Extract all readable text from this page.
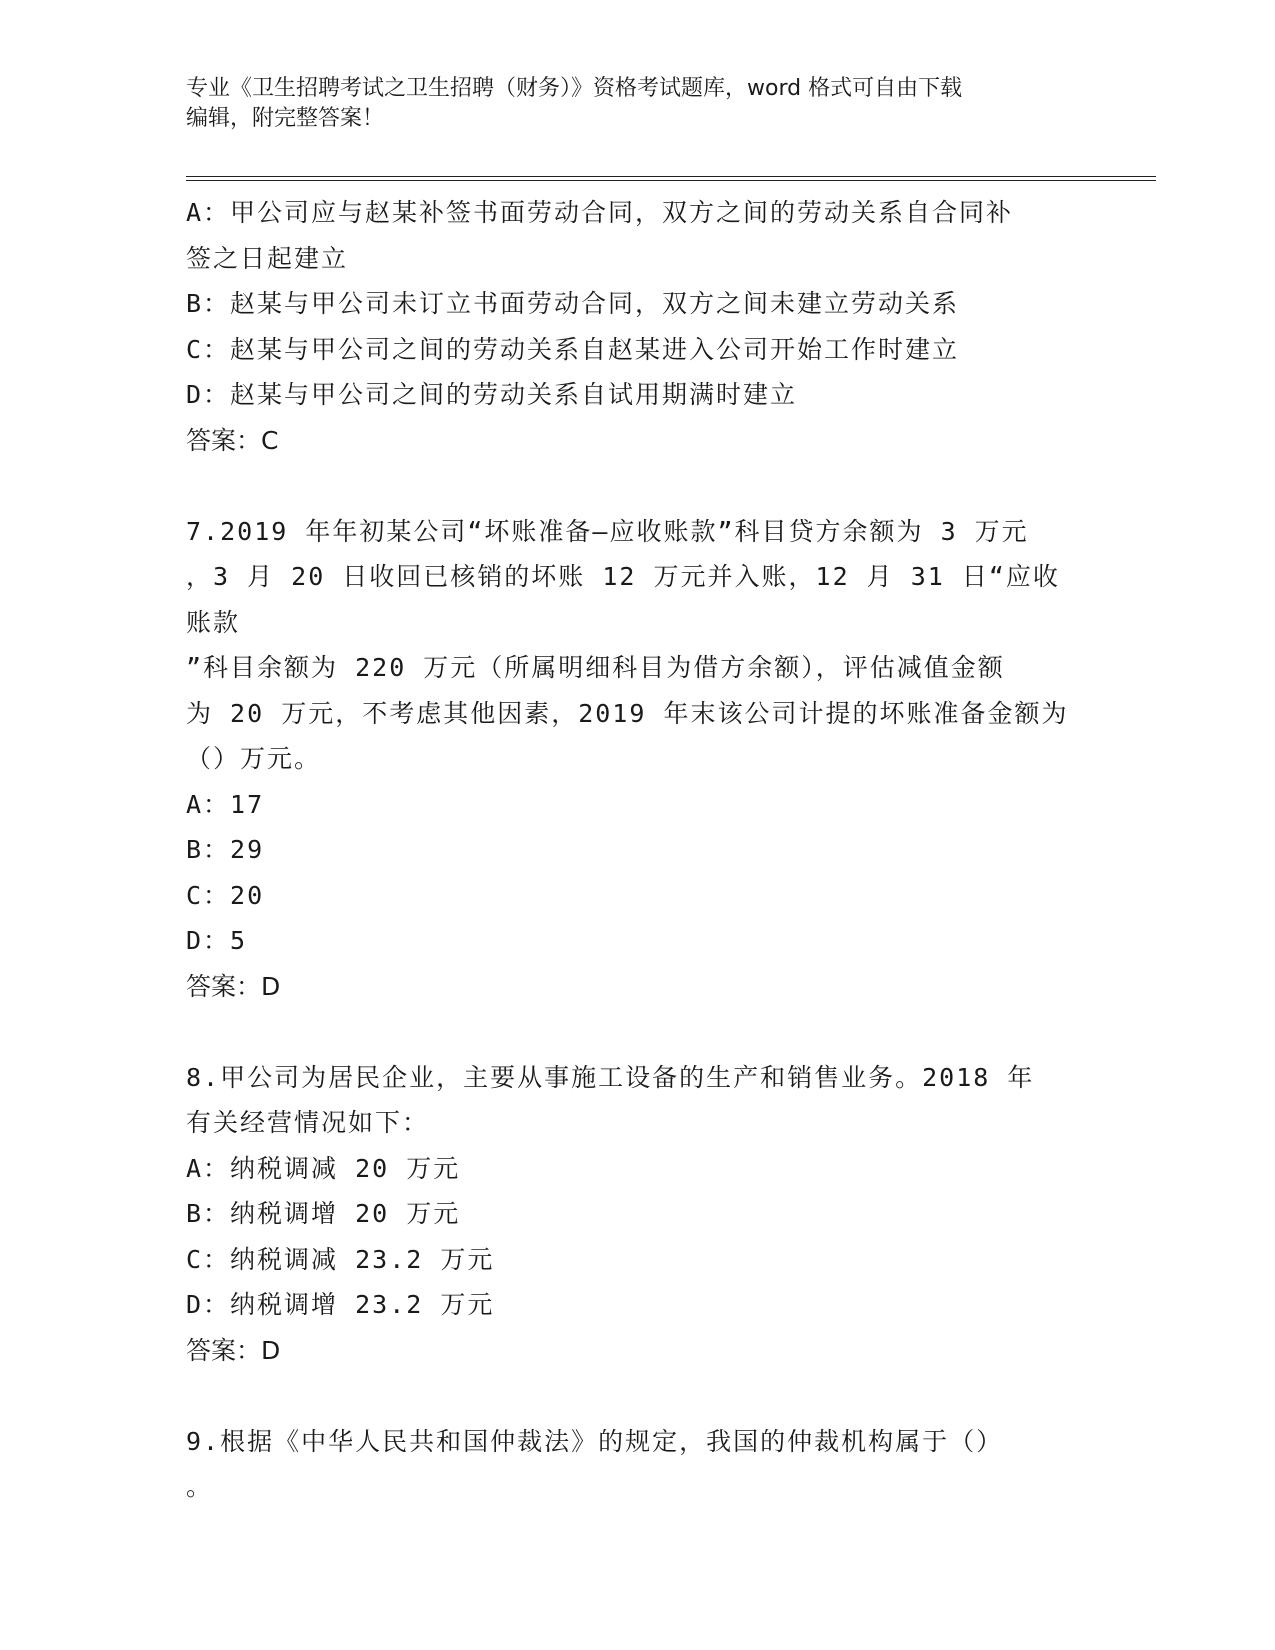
专业《卫生招聘考试之卫生招聘（财务）》资格考试题库，word 格式可自由下载
编辑，附完整答案！
A：甲公司应与赵某补签书面劳动合同，双方之间的劳动关系自合同补
签之日起建立
B：赵某与甲公司未订立书面劳动合同，双方之间未建立劳动关系
C：赵某与甲公司之间的劳动关系自赵某进入公司开始工作时建立
D：赵某与甲公司之间的劳动关系自试用期满时建立
答案：C
7.2019 年年初某公司“坏账准备—应收账款”科目贷方余额为 3 万元
，3 月 20 日收回已核销的坏账 12 万元并入账，12 月 31 日“应收账款
”科目余额为 220 万元（所属明细科目为借方余额），评估减值金额
为 20 万元，不考虑其他因素，2019 年末该公司计提的坏账准备金额为
（）万元。
A：17
B：29
C：20
D：5
答案：D
8.甲公司为居民企业，主要从事施工设备的生产和销售业务。2018 年
有关经营情况如下：
A：纳税调减 20 万元
B：纳税调增 20 万元
C：纳税调减 23.2 万元
D：纳税调增 23.2 万元
答案：D
9.根据《中华人民共和国仲裁法》的规定，我国的仲裁机构属于（）
。
